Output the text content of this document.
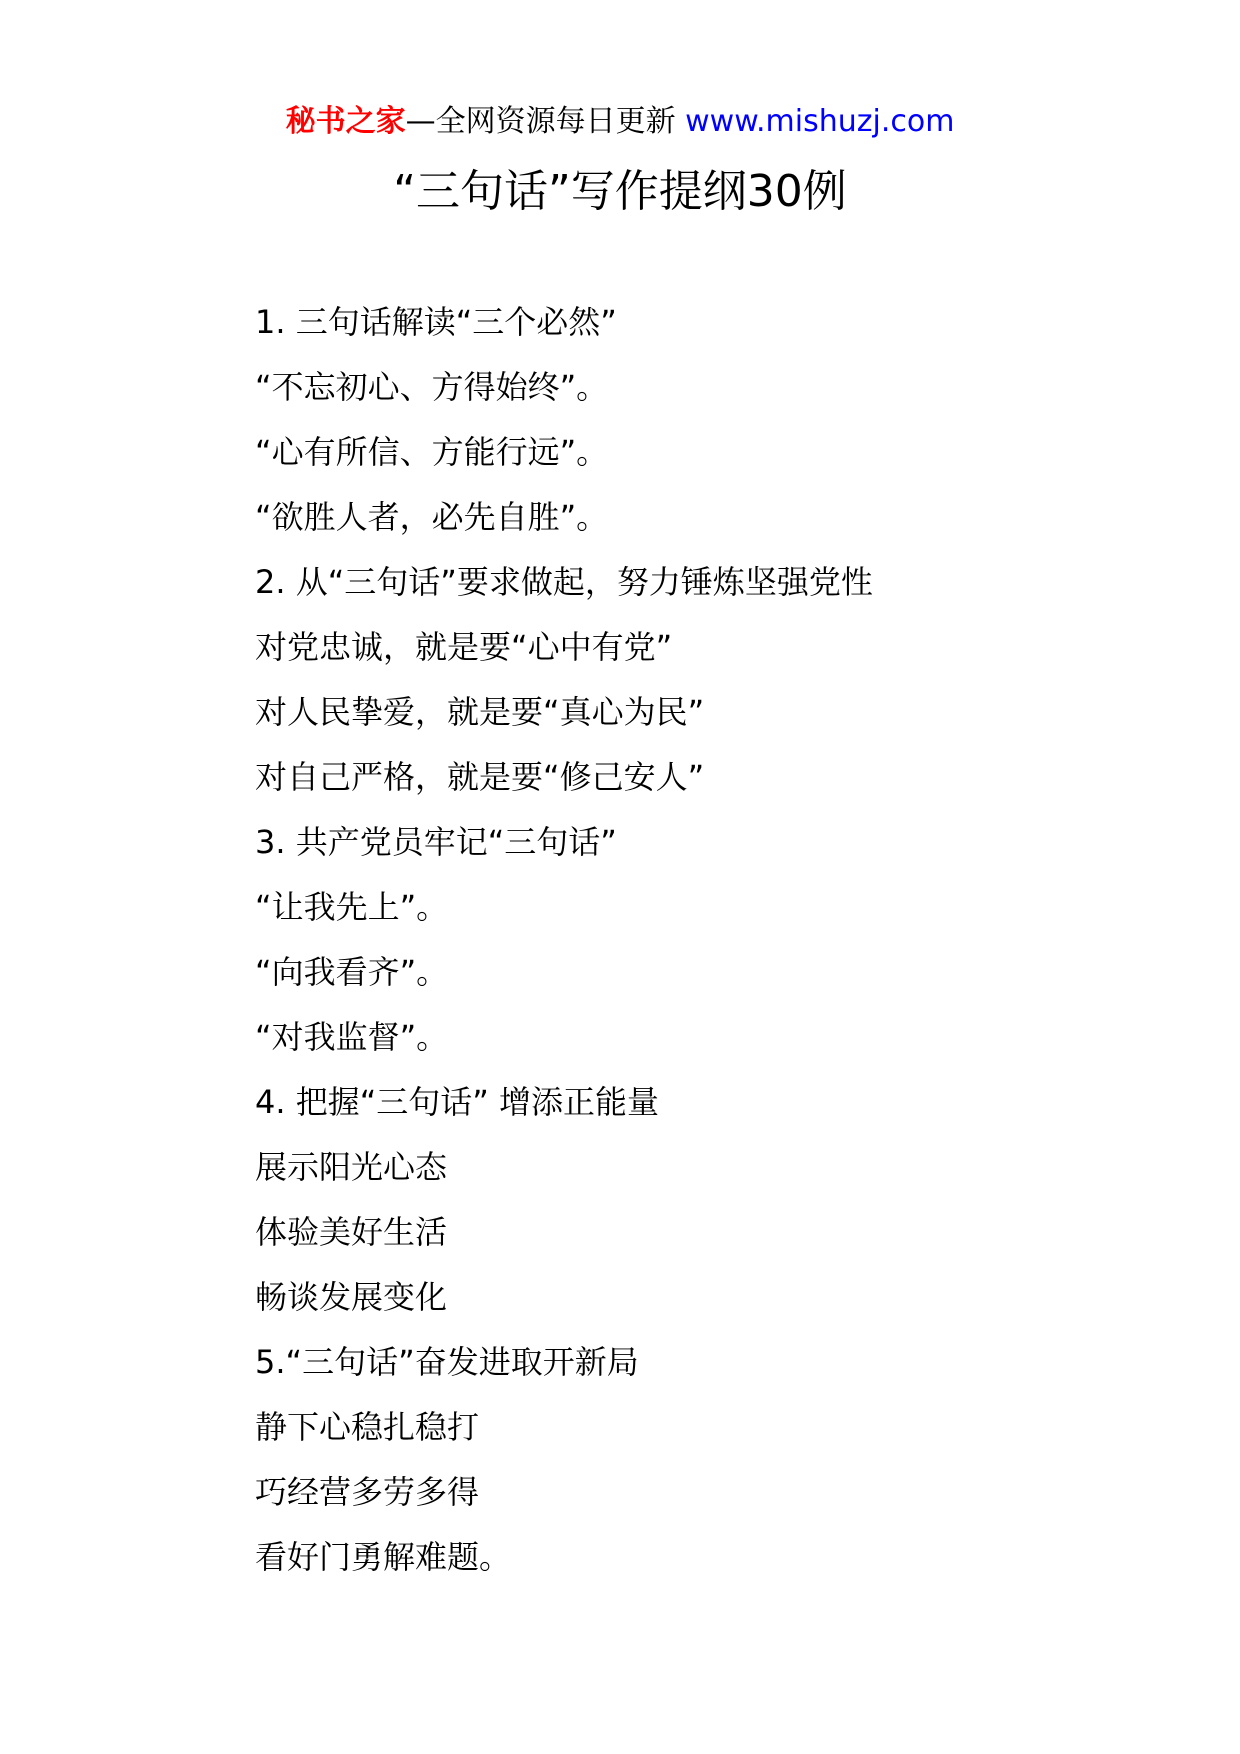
秘书之家—全网资源每日更新 www.mishuzj.com
“三句话”写作提纲30例
1. 三句话解读“三个必然”
“不忘初心、方得始终”。
“心有所信、方能行远”。
“欲胜人者，必先自胜”。
2. 从“三句话”要求做起，努力锤炼坚强党性
对党忠诚，就是要“心中有党”
对人民挚爱，就是要“真心为民”
对自己严格，就是要“修己安人”
3. 共产党员牢记“三句话”
“让我先上”。
“向我看齐”。
“对我监督”。
4. 把握“三句话” 增添正能量
展示阳光心态
体验美好生活
畅谈发展变化
5.“三句话”奋发进取开新局
静下心稳扎稳打
巧经营多劳多得
看好门勇解难题。
